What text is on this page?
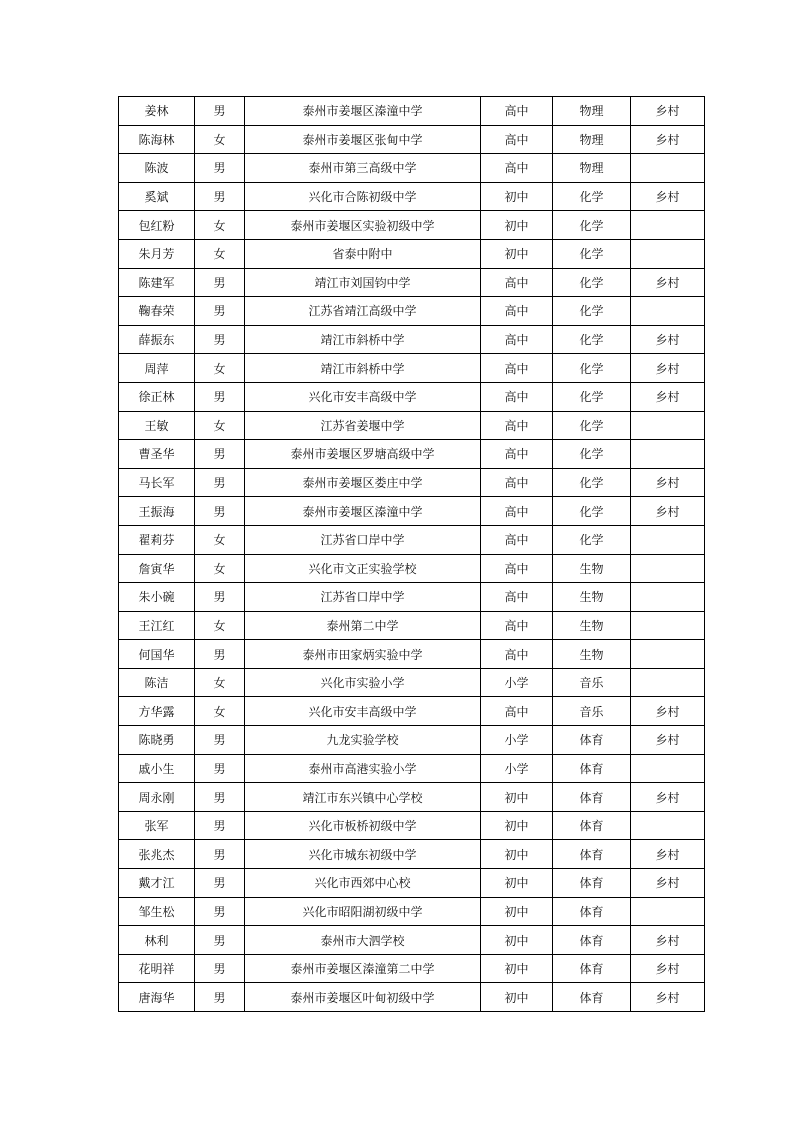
姜林	男	泰州市姜堰区溱潼中学	高中	物理	乡村
陈海林	女	泰州市姜堰区张甸中学	高中	物理	乡村
陈波	男	泰州市第三高级中学	高中	物理	
奚斌	男	兴化市合陈初级中学	初中	化学	乡村
包红粉	女	泰州市姜堰区实验初级中学	初中	化学	
朱月芳	女	省泰中附中	初中	化学	
陈建军	男	靖江市刘国钧中学	高中	化学	乡村
鞠春荣	男	江苏省靖江高级中学	高中	化学	
薛振东	男	靖江市斜桥中学	高中	化学	乡村
周萍	女	靖江市斜桥中学	高中	化学	乡村
徐正林	男	兴化市安丰高级中学	高中	化学	乡村
王敏	女	江苏省姜堰中学	高中	化学	
曹圣华	男	泰州市姜堰区罗塘高级中学	高中	化学	
马长军	男	泰州市姜堰区娄庄中学	高中	化学	乡村
王振海	男	泰州市姜堰区溱潼中学	高中	化学	乡村
翟莉芬	女	江苏省口岸中学	高中	化学	
詹寅华	女	兴化市文正实验学校	高中	生物	
朱小碗	男	江苏省口岸中学	高中	生物	
王江红	女	泰州第二中学	高中	生物	
何国华	男	泰州市田家炳实验中学	高中	生物	
陈洁	女	兴化市实验小学	小学	音乐	
方华露	女	兴化市安丰高级中学	高中	音乐	乡村
陈晓勇	男	九龙实验学校	小学	体育	乡村
戚小生	男	泰州市高港实验小学	小学	体育	
周永刚	男	靖江市东兴镇中心学校	初中	体育	乡村
张军	男	兴化市板桥初级中学	初中	体育	
张兆杰	男	兴化市城东初级中学	初中	体育	乡村
戴才江	男	兴化市西郊中心校	初中	体育	乡村
邹生松	男	兴化市昭阳湖初级中学	初中	体育	
林利	男	泰州市大泗学校	初中	体育	乡村
花明祥	男	泰州市姜堰区溱潼第二中学	初中	体育	乡村
唐海华	男	泰州市姜堰区叶甸初级中学	初中	体育	乡村
